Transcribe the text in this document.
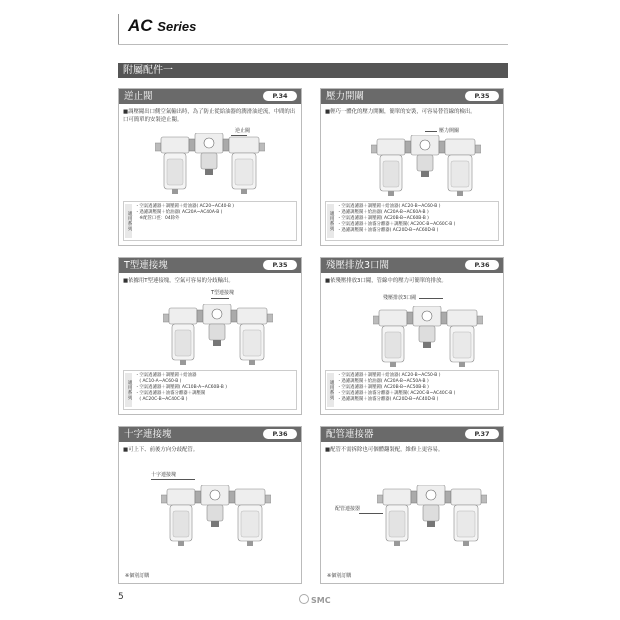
AC Series
附屬配件一
逆止閥	P.34
■調壓閥出口側空氣輸出時，為了防止從給油器的潤滑油逆流，中間的出口可簡單的安裝逆止閥。
逆止閥
適用系列
・空氣過濾器＋調壓閥＋給油器( AC20~AC40-B )
・過濾調壓閥＋給油器( AC20A~AC40A-B )
　※配管口徑：04除外
壓力開關	P.35
■輕巧一體化的壓力開關，簡單的安裝，可容易替管線的檢出。
壓力開關
適用系列
・空氣過濾器＋調壓閥＋給油器( AC20-B~AC60-B )
・過濾調壓閥＋給油器( AC20A-B~AC60A-B )
・空氣過濾器＋調壓閥( AC20B-B~AC60B-B )
・空氣過濾器＋油霧分離器＋調壓閥( AC20C-B~AC60C-B )
・過濾調壓閥＋油霧分離器( AC20D-B~AC60D-B )
T型連接塊	P.35
■依據用T型連接塊，空氣可容易的分歧輸出。
T型連接塊
適用系列
・空氣過濾器＋調壓閥＋給油器
　( AC10-A~AC60-B )
・空氣過濾器＋調壓閥( AC10B-A~AC60B-B )
・空氣過濾器＋油霧分離器＋調壓閥
　( AC20C-B~AC40C-B )
殘壓排放3口閥	P.36
■依殘壓排放3口閥，管線中的壓力可簡單的排放。
殘壓排放3口閥
適用系列
・空氣過濾器＋調壓閥＋給油器( AC20-B~AC50-B )
・過濾調壓閥＋給油器( AC20A-B~AC50A-B )
・空氣過濾器＋調壓閥( AC20B-B~AC50B-B )
・空氣過濾器＋油霧分離器＋調壓閥( AC20C-B~AC40C-B )
・過濾調壓閥＋油霧分離器( AC20D-B~AC40D-B )
十字連接塊	P.36
■可上下、前後方向分歧配管。
十字連接塊
※個別訂購
配管連接器	P.37
■配管不需拆除也可個體翻裝配，維修上更容易。
配管連接器
※個別訂購
5	SMC
